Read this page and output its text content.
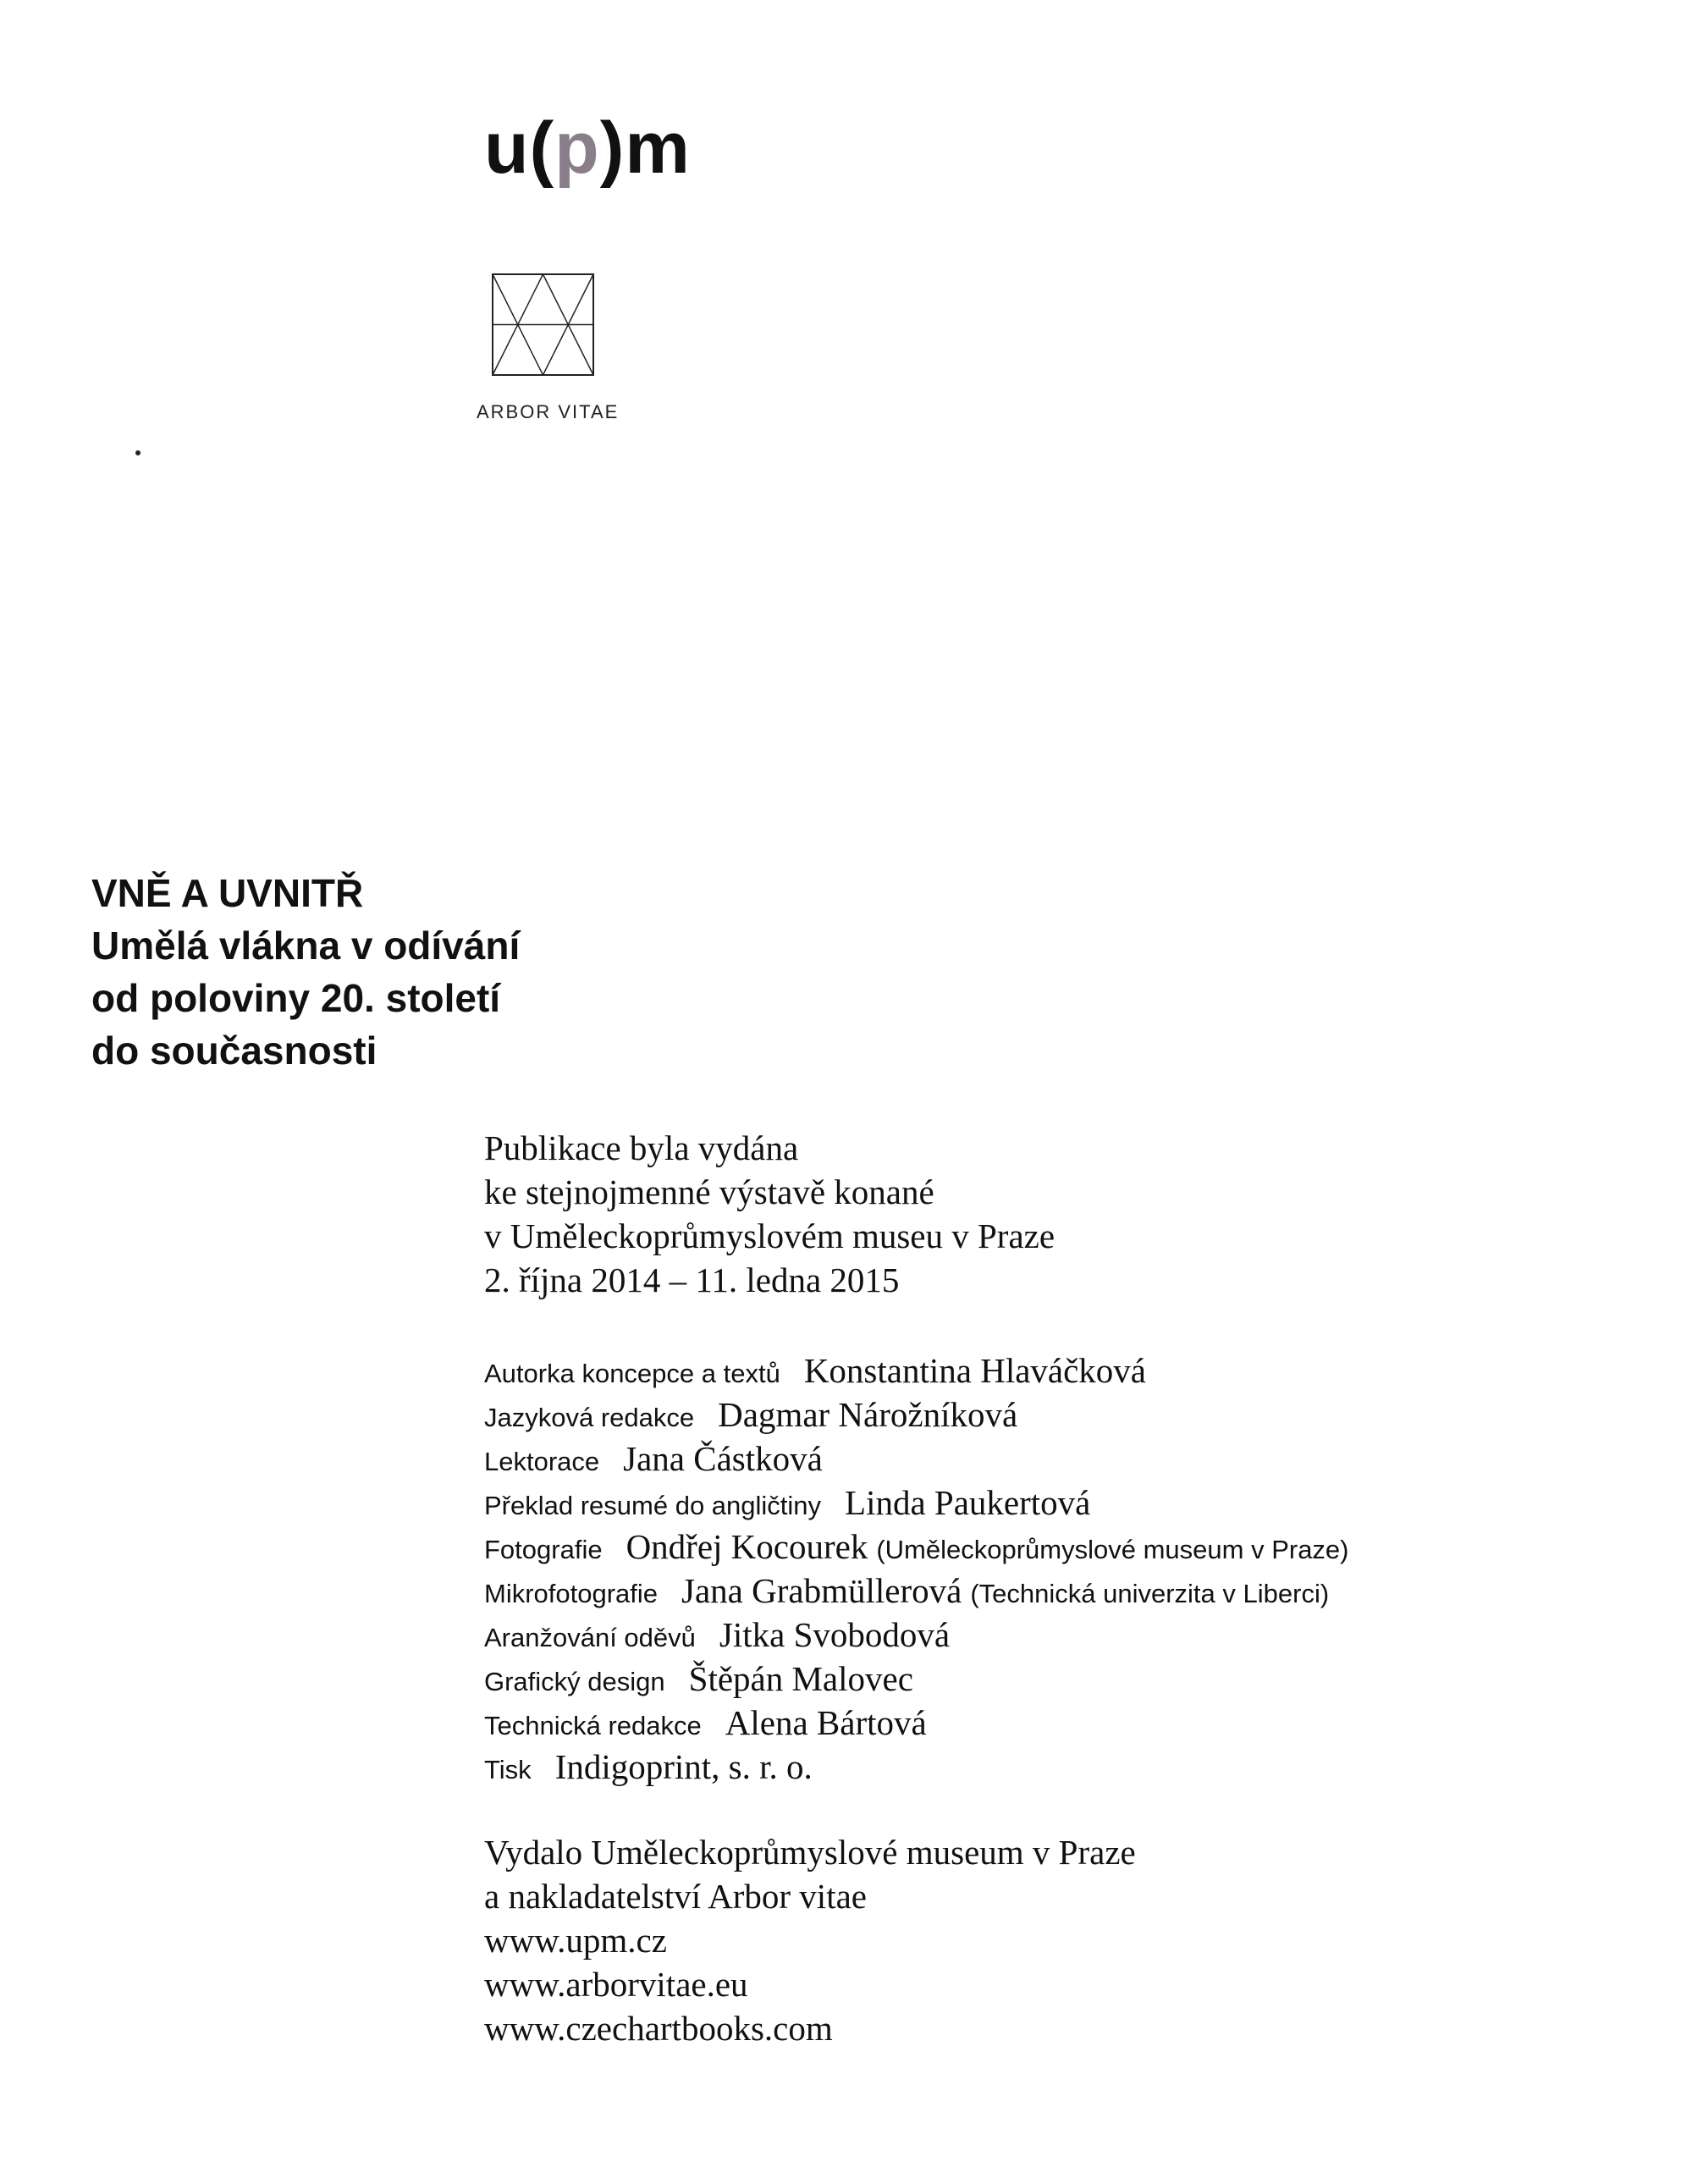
u(p)m
ARBOR VITAE
VNĚ A UVNITŘ
Umělá vlákna v odívání
od poloviny 20. století
do současnosti
Publikace byla vydána
ke stejnojmenné výstavě konané
v Uměleckoprůmyslovém museu v Praze
2. října 2014 – 11. ledna 2015
Autorka koncepce a textů Konstantina Hlaváčková
Jazyková redakce Dagmar Nárožníková
Lektorace Jana Částková
Překlad resumé do angličtiny Linda Paukertová
Fotografie Ondřej Kocourek (Uměleckoprůmyslové museum v Praze)
Mikrofotografie Jana Grabmüllerová (Technická univerzita v Liberci)
Aranžování oděvů Jitka Svobodová
Grafický design Štěpán Malovec
Technická redakce Alena Bártová
Tisk Indigoprint, s. r. o.
Vydalo Uměleckoprůmyslové museum v Praze
a nakladatelství Arbor vitae
www.upm.cz
www.arborvitae.eu
www.czechartbooks.com
